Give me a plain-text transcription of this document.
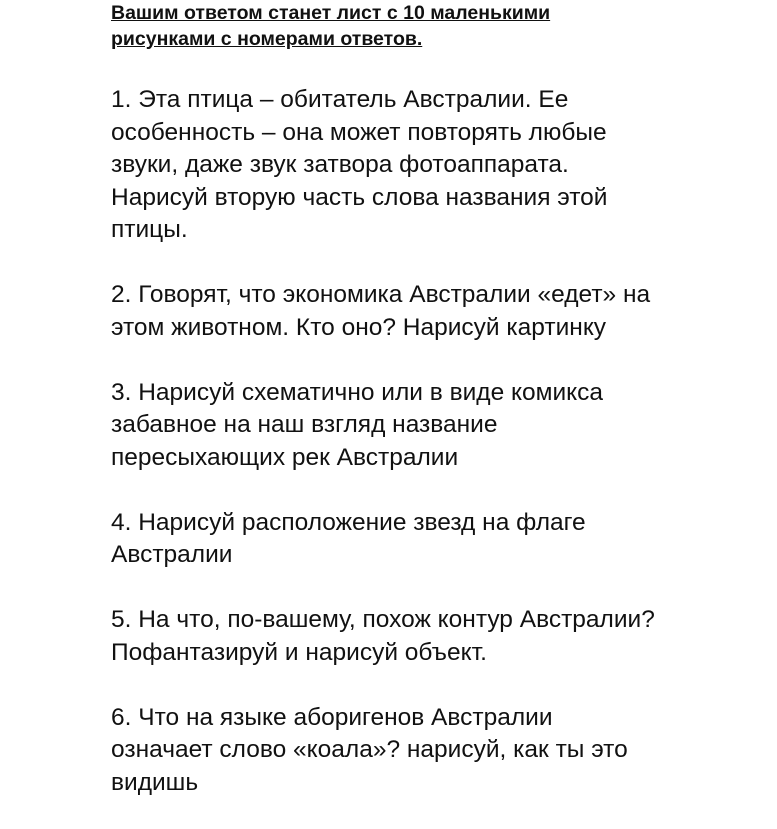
Вашим ответом станет лист с 10 маленькими
рисунками с номерами ответов.

1. Эта птица – обитатель Австралии. Ее
особенность – она может повторять любые
звуки, даже звук затвора фотоаппарата.
Нарисуй вторую часть слова названия этой
птицы.

2. Говорят, что экономика Австралии «едет» на
этом животном. Кто оно? Нарисуй картинку

3. Нарисуй схематично или в виде комикса
забавное на наш взгляд название
пересыхающих рек Австралии

4. Нарисуй расположение звезд на флаге
Австралии

5. На что, по-вашему, похож контур Австралии?
Пофантазируй и нарисуй объект.

6. Что на языке аборигенов Австралии
означает слово «коала»? нарисуй, как ты это
видишь
